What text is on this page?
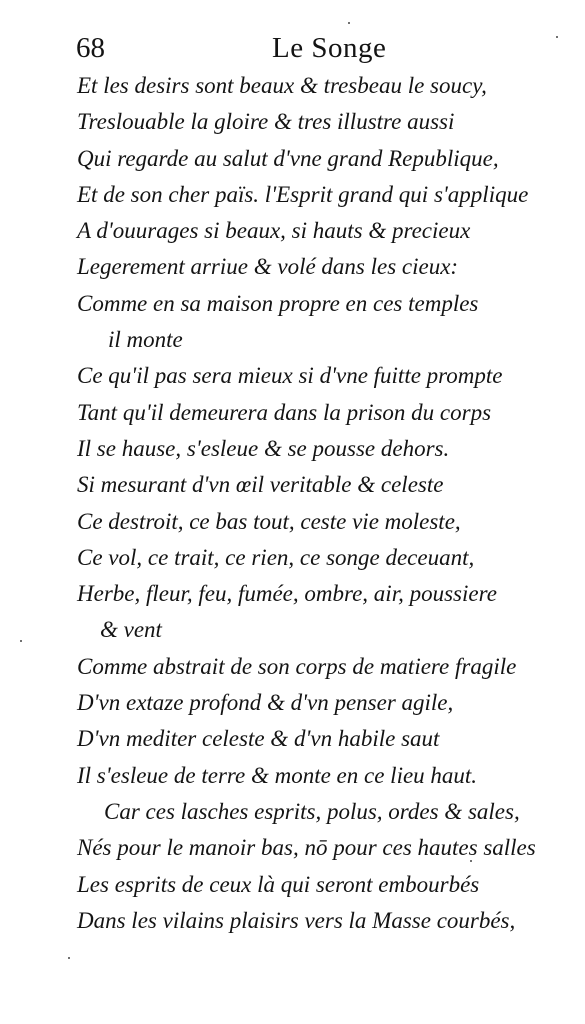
68	Le Songe
Et les desirs sont beaux & tresbeau le soucy,
Treslouable la gloire & tres illustre aussi
Qui regarde au salut d'vne grand Republique,
Et de son cher païs. l'Esprit grand qui s'applique
A d'ouurages si beaux, si hauts & precieux
Legerement arriue & volé dans les cieux:
Comme en sa maison propre en ces temples
il monte
Ce qu'il pas sera mieux si d'vne fuitte prompte
Tant qu'il demeurera dans la prison du corps
Il se hause, s'esleue & se pousse dehors.
Si mesurant d'vn œil veritable & celeste
Ce destroit, ce bas tout, ceste vie moleste,
Ce vol, ce trait, ce rien, ce songe deceuant,
Herbe, fleur, feu, fumée, ombre, air, poussiere
& vent
Comme abstrait de son corps de matiere fragile
D'vn extaze profond & d'vn penser agile,
D'vn mediter celeste & d'vn habile saut
Il s'esleue de terre & monte en ce lieu haut.
Car ces lasches esprits, polus, ordes & sales,
Nés pour le manoir bas, nō pour ces hautes salles
Les esprits de ceux là qui seront embourbés
Dans les vilains plaisirs vers la Masse courbés,
